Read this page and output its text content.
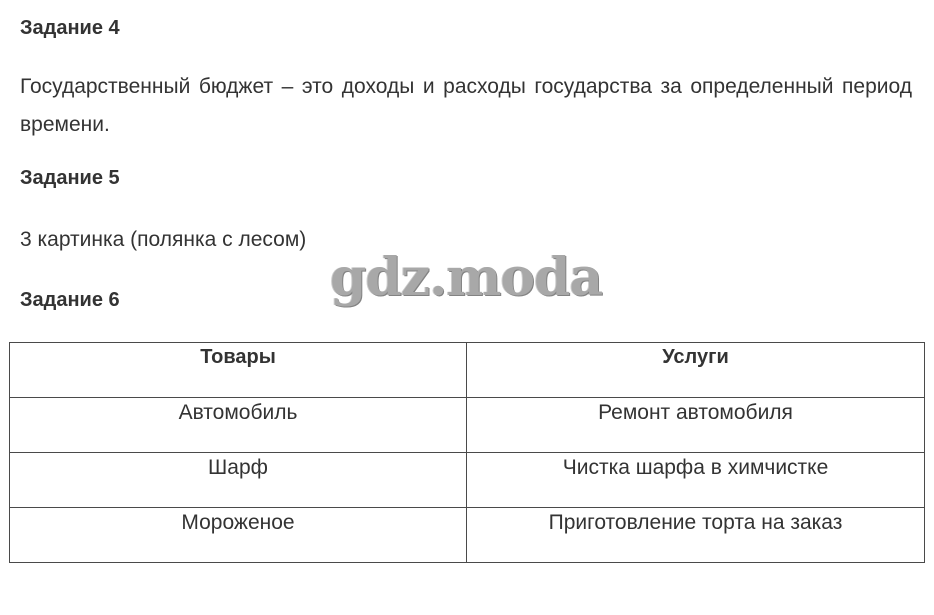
Задание 4
Государственный бюджет – это доходы и расходы государства за определенный период времени.
Задание 5
3 картинка (полянка с лесом)
gdz.moda
Задание 6
Товары	Услуги
Автомобиль	Ремонт автомобиля
Шарф	Чистка шарфа в химчистке
Мороженое	Приготовление торта на заказ
